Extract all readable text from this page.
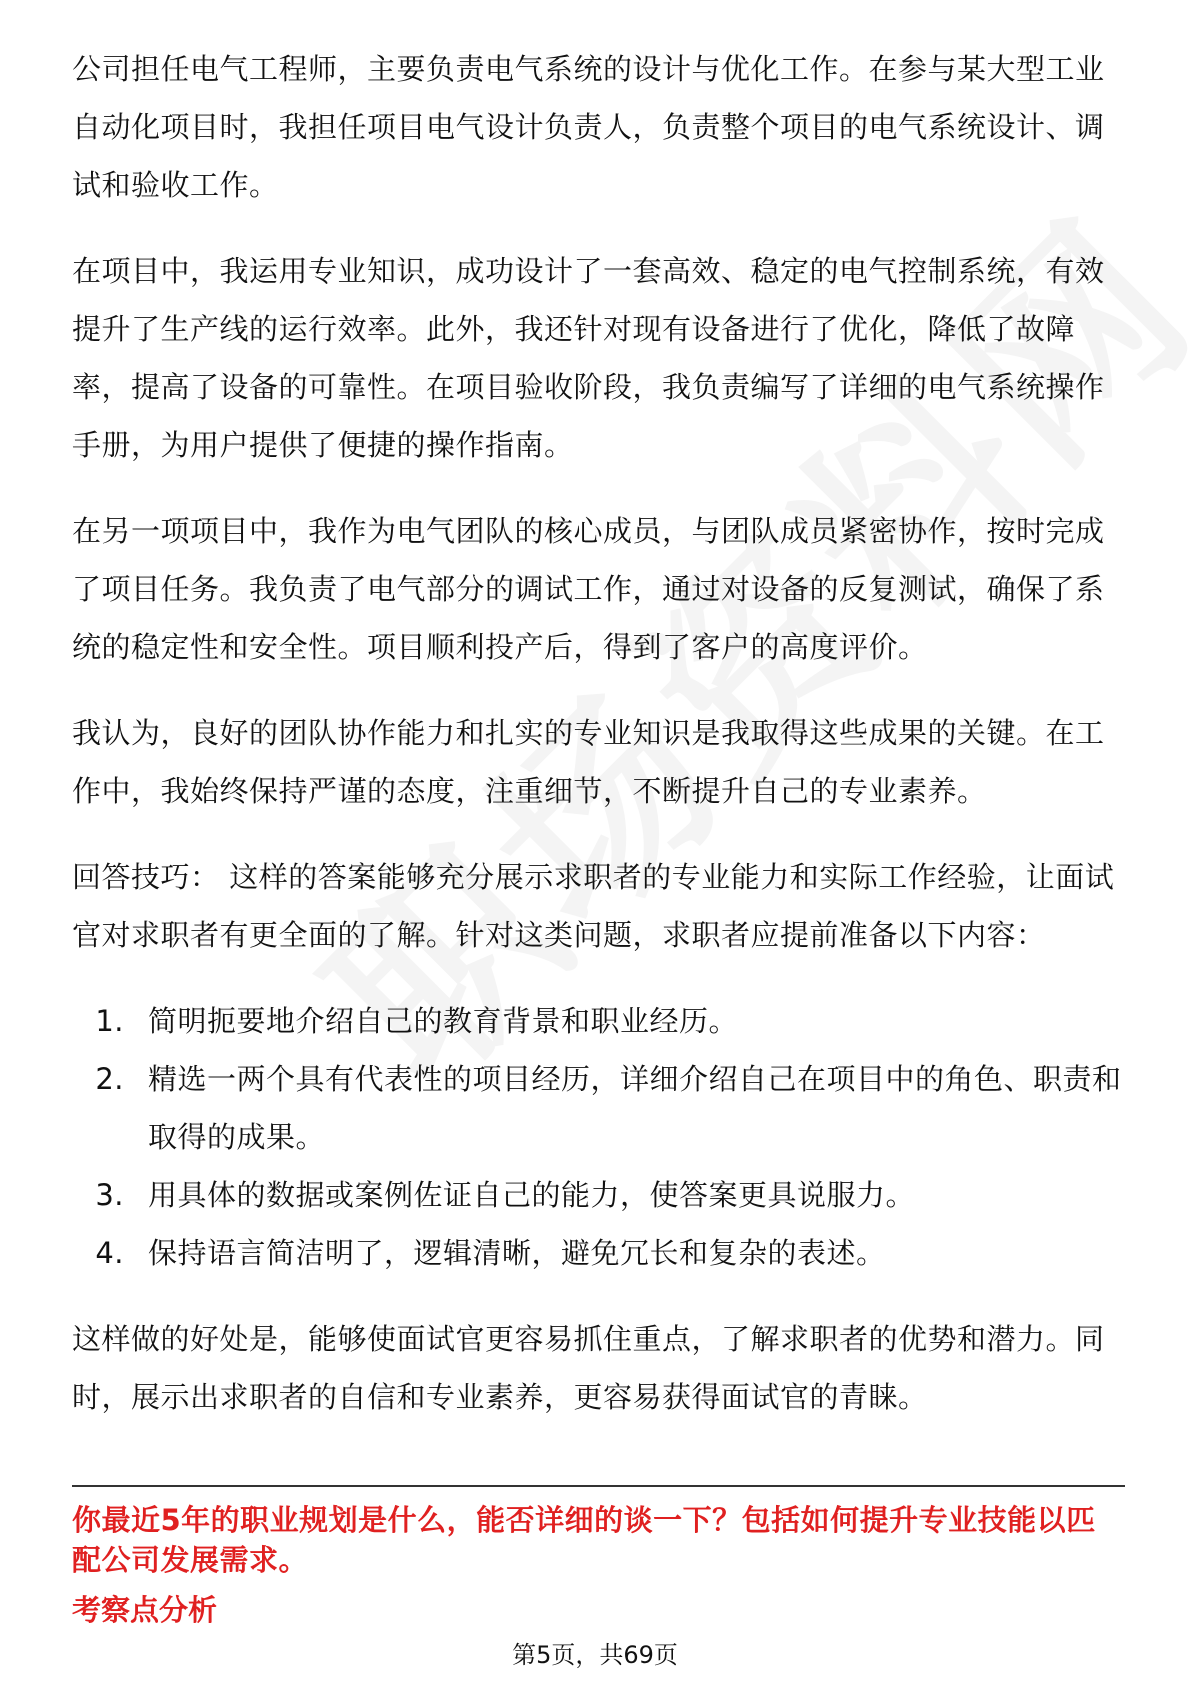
公司担任电气工程师，主要负责电气系统的设计与优化工作。在参与某大型工业自动化项目时，我担任项目电气设计负责人，负责整个项目的电气系统设计、调试和验收工作。

在项目中，我运用专业知识，成功设计了一套高效、稳定的电气控制系统，有效提升了生产线的运行效率。此外，我还针对现有设备进行了优化，降低了故障率，提高了设备的可靠性。在项目验收阶段，我负责编写了详细的电气系统操作手册，为用户提供了便捷的操作指南。

在另一项项目中，我作为电气团队的核心成员，与团队成员紧密协作，按时完成了项目任务。我负责了电气部分的调试工作，通过对设备的反复测试，确保了系统的稳定性和安全性。项目顺利投产后，得到了客户的高度评价。

我认为，良好的团队协作能力和扎实的专业知识是我取得这些成果的关键。在工作中，我始终保持严谨的态度，注重细节，不断提升自己的专业素养。

回答技巧： 这样的答案能够充分展示求职者的专业能力和实际工作经验，让面试官对求职者有更全面的了解。针对这类问题，求职者应提前准备以下内容：

1. 简明扼要地介绍自己的教育背景和职业经历。
2. 精选一两个具有代表性的项目经历，详细介绍自己在项目中的角色、职责和取得的成果。
3. 用具体的数据或案例佐证自己的能力，使答案更具说服力。
4. 保持语言简洁明了，逻辑清晰，避免冗长和复杂的表述。

这样做的好处是，能够使面试官更容易抓住重点，了解求职者的优势和潜力。同时，展示出求职者的自信和专业素养，更容易获得面试官的青睐。

你最近5年的职业规划是什么，能否详细的谈一下？包括如何提升专业技能以匹配公司发展需求。
考察点分析
第5页，共69页
